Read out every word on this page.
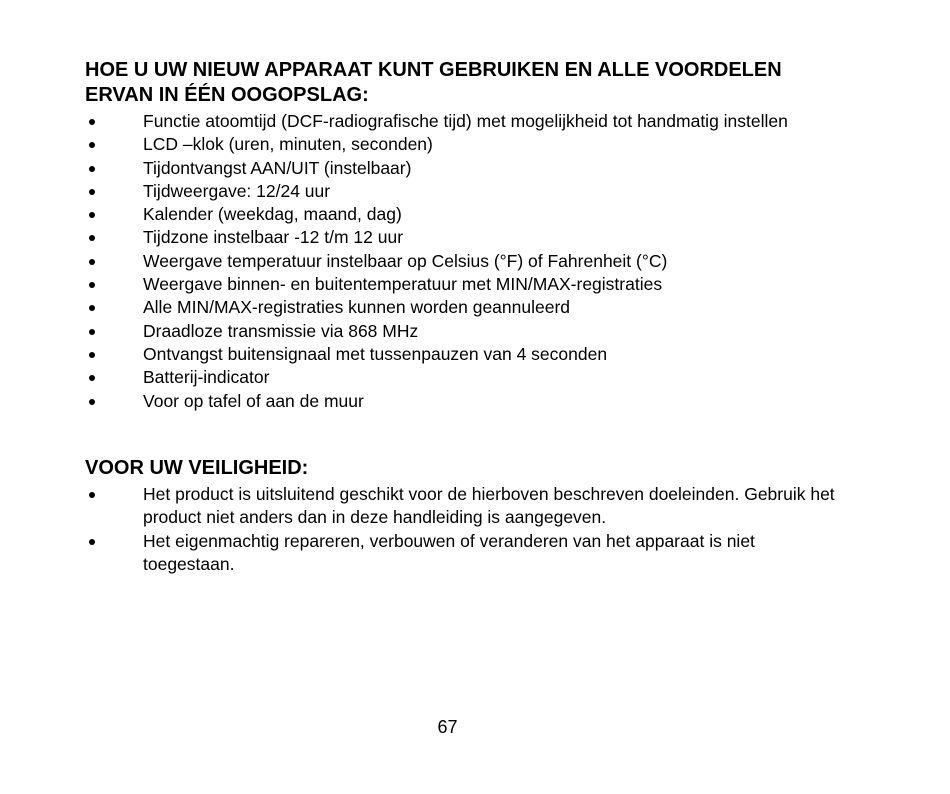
HOE U UW NIEUW APPARAAT KUNT GEBRUIKEN EN ALLE VOORDELEN ERVAN IN ÉÉN OOGOPSLAG:
Functie atoomtijd (DCF-radiografische tijd) met mogelijkheid tot handmatig instellen
LCD –klok (uren, minuten, seconden)
Tijdontvangst AAN/UIT (instelbaar)
Tijdweergave: 12/24 uur
Kalender (weekdag, maand, dag)
Tijdzone instelbaar -12 t/m 12 uur
Weergave temperatuur instelbaar op Celsius (°F) of Fahrenheit (°C)
Weergave binnen- en buitentemperatuur met MIN/MAX-registraties
Alle MIN/MAX-registraties kunnen worden geannuleerd
Draadloze transmissie via 868 MHz
Ontvangst buitensignaal met tussenpauzen van 4 seconden
Batterij-indicator
Voor op tafel of aan de muur
VOOR UW VEILIGHEID:
Het product is uitsluitend geschikt voor de hierboven beschreven doeleinden. Gebruik het product niet anders dan in deze handleiding is aangegeven.
Het eigenmachtig repareren, verbouwen of veranderen van het apparaat is niet toegestaan.
67
